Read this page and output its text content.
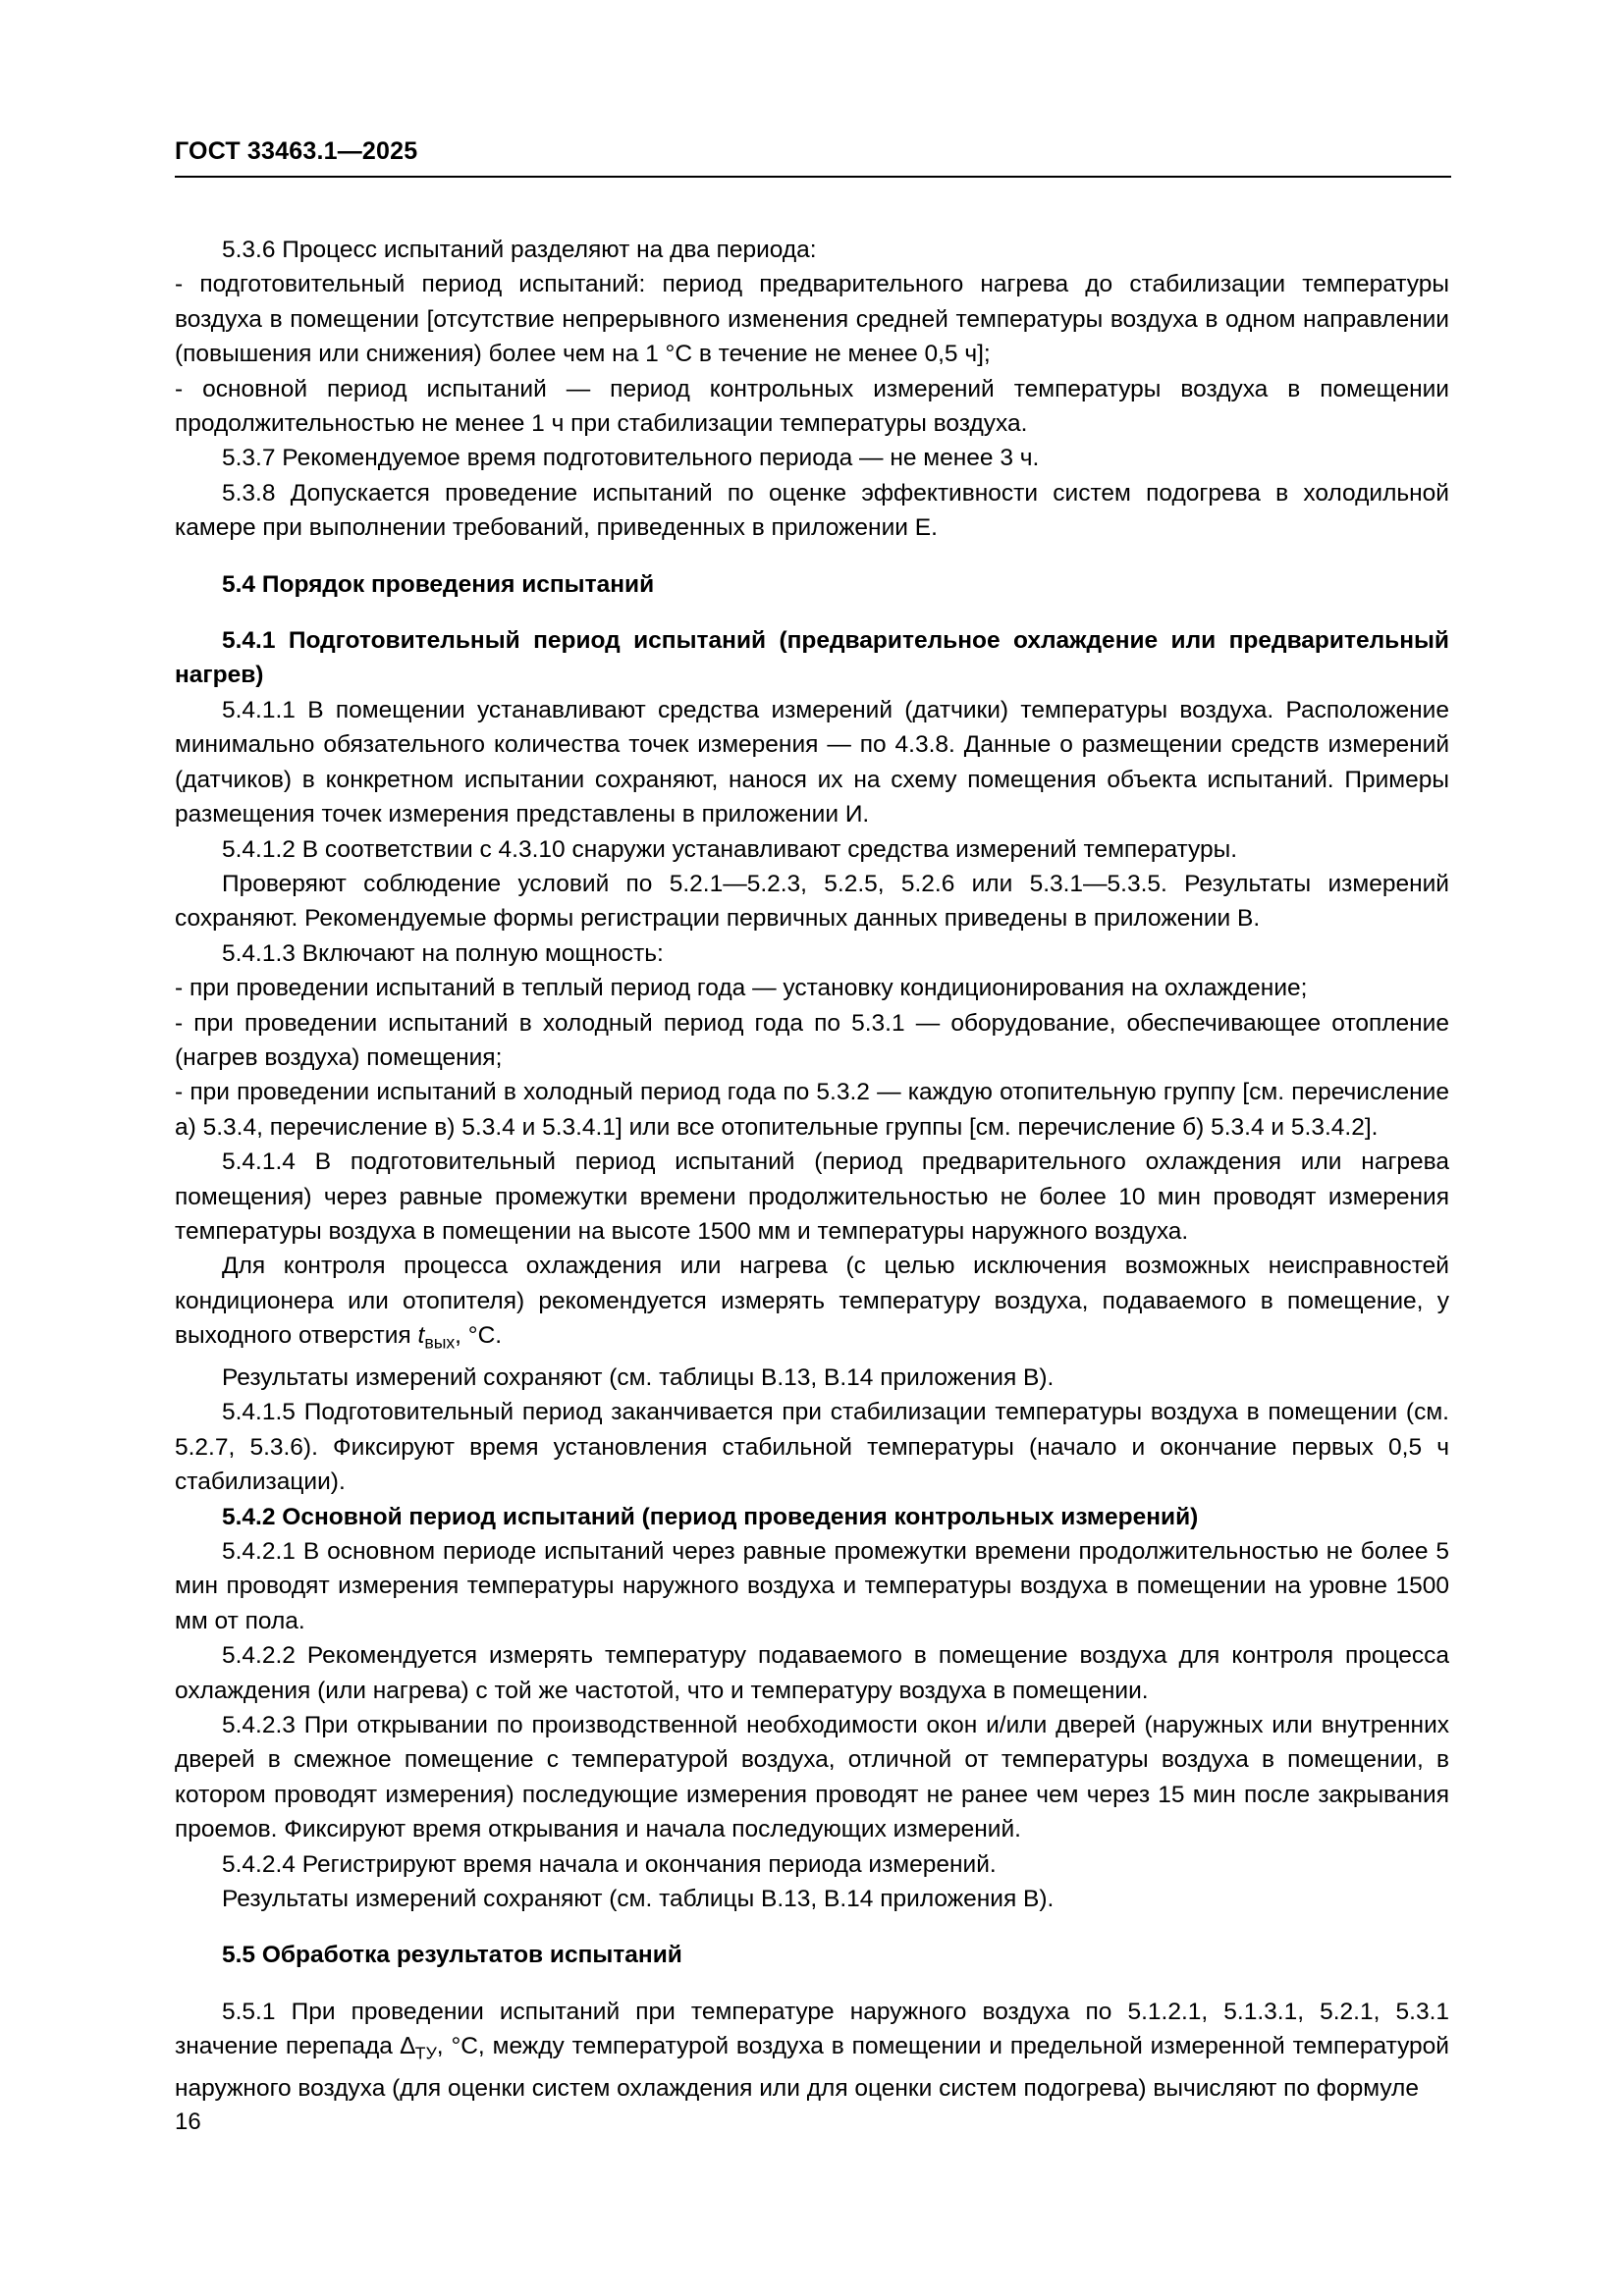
ГОСТ 33463.1—2025

5.3.6 Процесс испытаний разделяют на два периода:

- подготовительный период испытаний: период предварительного нагрева до стабилизации температуры воздуха в помещении [отсутствие непрерывного изменения средней температуры воздуха в одном направлении (повышения или снижения) более чем на 1 °C в течение не менее 0,5 ч];

- основной период испытаний — период контрольных измерений температуры воздуха в помещении продолжительностью не менее 1 ч при стабилизации температуры воздуха.

5.3.7 Рекомендуемое время подготовительного периода — не менее 3 ч.

5.3.8 Допускается проведение испытаний по оценке эффективности систем подогрева в холодильной камере при выполнении требований, приведенных в приложении Е.

5.4 Порядок проведения испытаний

5.4.1 Подготовительный период испытаний (предварительное охлаждение или предварительный нагрев)

5.4.1.1 В помещении устанавливают средства измерений (датчики) температуры воздуха. Расположение минимально обязательного количества точек измерения — по 4.3.8. Данные о размещении средств измерений (датчиков) в конкретном испытании сохраняют, нанося их на схему помещения объекта испытаний. Примеры размещения точек измерения представлены в приложении И.

5.4.1.2 В соответствии с 4.3.10 снаружи устанавливают средства измерений температуры.

Проверяют соблюдение условий по 5.2.1—5.2.3, 5.2.5, 5.2.6 или 5.3.1—5.3.5. Результаты измерений сохраняют. Рекомендуемые формы регистрации первичных данных приведены в приложении В.

5.4.1.3 Включают на полную мощность:

- при проведении испытаний в теплый период года — установку кондиционирования на охлаждение;

- при проведении испытаний в холодный период года по 5.3.1 — оборудование, обеспечивающее отопление (нагрев воздуха) помещения;

- при проведении испытаний в холодный период года по 5.3.2 — каждую отопительную группу [см. перечисление а) 5.3.4, перечисление в) 5.3.4 и 5.3.4.1] или все отопительные группы [см. перечисление б) 5.3.4 и 5.3.4.2].

5.4.1.4 В подготовительный период испытаний (период предварительного охлаждения или нагрева помещения) через равные промежутки времени продолжительностью не более 10 мин проводят измерения температуры воздуха в помещении на высоте 1500 мм и температуры наружного воздуха.

Для контроля процесса охлаждения или нагрева (с целью исключения возможных неисправностей кондиционера или отопителя) рекомендуется измерять температуру воздуха, подаваемого в помещение, у выходного отверстия $t_{вых}$, °C.

Результаты измерений сохраняют (см. таблицы В.13, В.14 приложения В).

5.4.1.5 Подготовительный период заканчивается при стабилизации температуры воздуха в помещении (см. 5.2.7, 5.3.6). Фиксируют время установления стабильной температуры (начало и окончание первых 0,5 ч стабилизации).

5.4.2 Основной период испытаний (период проведения контрольных измерений)

5.4.2.1 В основном периоде испытаний через равные промежутки времени продолжительностью не более 5 мин проводят измерения температуры наружного воздуха и температуры воздуха в помещении на уровне 1500 мм от пола.

5.4.2.2 Рекомендуется измерять температуру подаваемого в помещение воздуха для контроля процесса охлаждения (или нагрева) с той же частотой, что и температуру воздуха в помещении.

5.4.2.3 При открывании по производственной необходимости окон и/или дверей (наружных или внутренних дверей в смежное помещение с температурой воздуха, отличной от температуры воздуха в помещении, в котором проводят измерения) последующие измерения проводят не ранее чем через 15 мин после закрывания проемов. Фиксируют время открывания и начала последующих измерений.

5.4.2.4 Регистрируют время начала и окончания периода измерений.

Результаты измерений сохраняют (см. таблицы В.13, В.14 приложения В).

5.5 Обработка результатов испытаний

5.5.1 При проведении испытаний при температуре наружного воздуха по 5.1.2.1, 5.1.3.1, 5.2.1, 5.3.1 значение перепада $\Delta_{ТУ}$, °C, между температурой воздуха в помещении и предельной измеренной температурой наружного воздуха (для оценки систем охлаждения или для оценки систем подогрева) вычисляют по формуле

16
